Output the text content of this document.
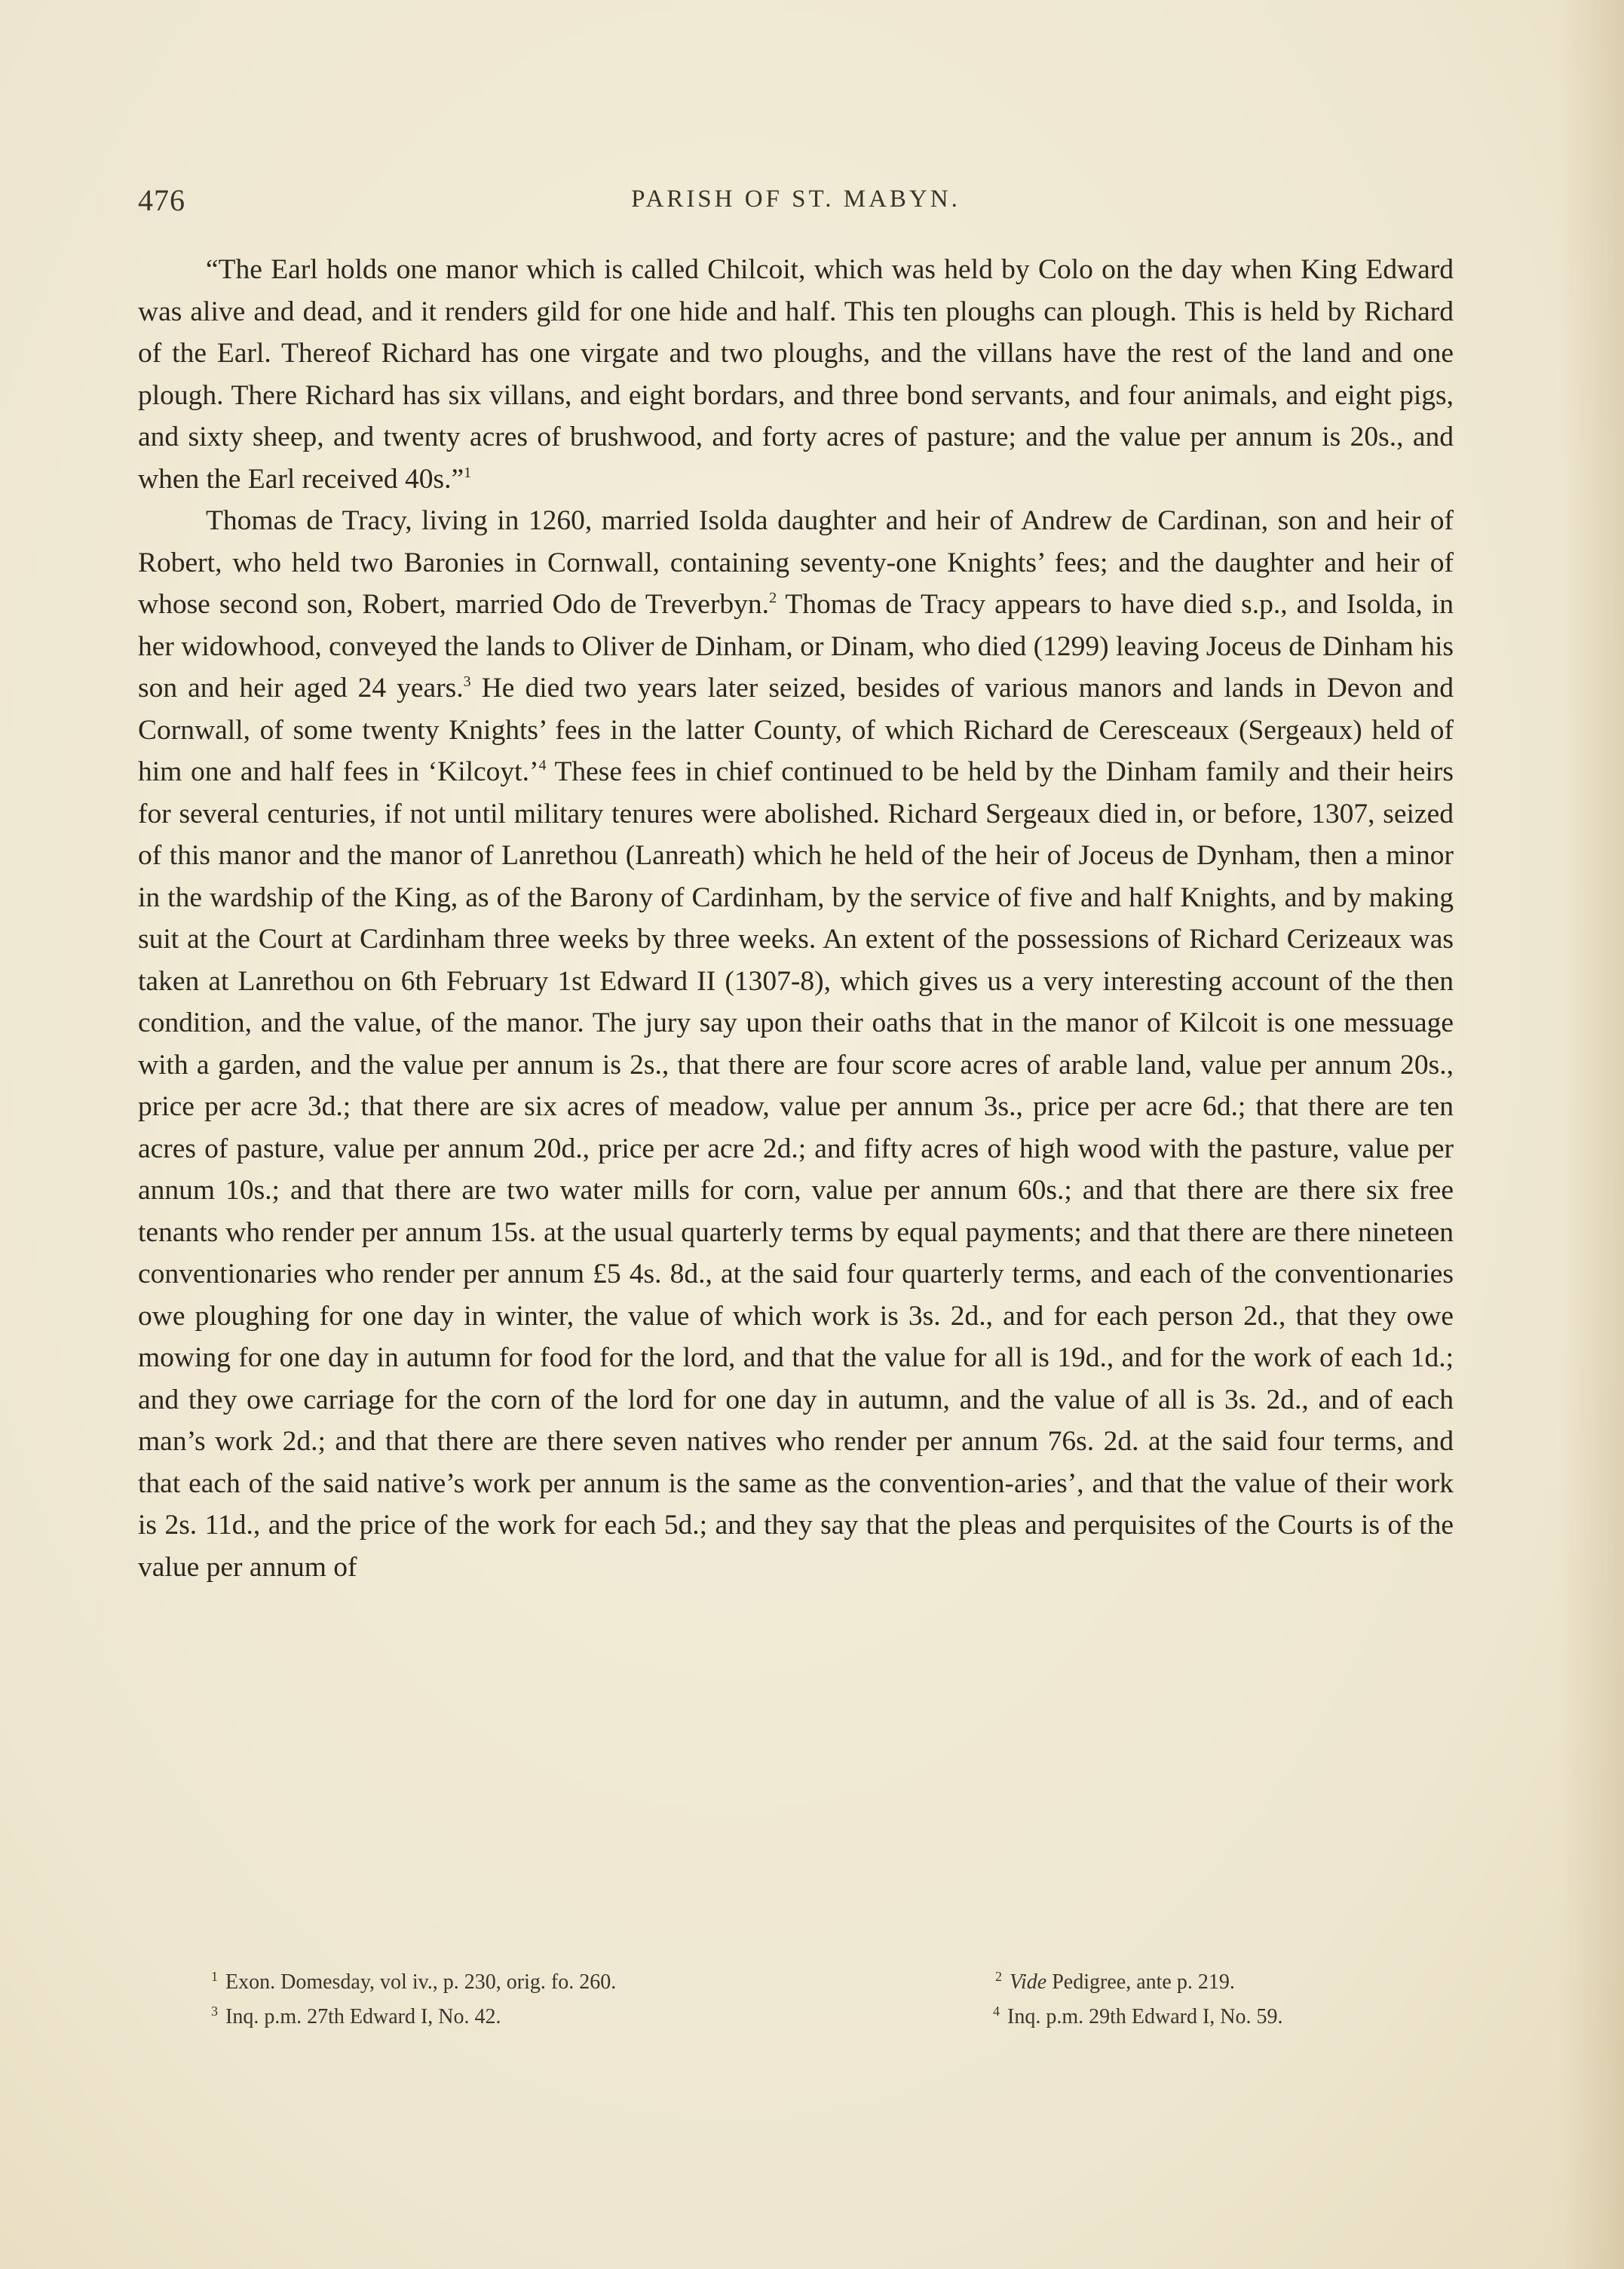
476	PARISH OF ST. MABYN.

“The Earl holds one manor which is called Chilcoit, which was held by Colo on the day when King Edward was alive and dead, and it renders gild for one hide and half. This ten ploughs can plough. This is held by Richard of the Earl. Thereof Richard has one virgate and two ploughs, and the villans have the rest of the land and one plough. There Richard has six villans, and eight bordars, and three bond servants, and four animals, and eight pigs, and sixty sheep, and twenty acres of brushwood, and forty acres of pasture; and the value per annum is 20s., and when the Earl received 40s.”$^1$

Thomas de Tracy, living in 1260, married Isolda daughter and heir of Andrew de Cardinan, son and heir of Robert, who held two Baronies in Cornwall, containing seventy-one Knights’ fees; and the daughter and heir of whose second son, Robert, married Odo de Treverbyn.$^2$ Thomas de Tracy appears to have died s.p., and Isolda, in her widowhood, conveyed the lands to Oliver de Dinham, or Dinam, who died (1299) leaving Joceus de Dinham his son and heir aged 24 years.$^3$ He died two years later seized, besides of various manors and lands in Devon and Cornwall, of some twenty Knights’ fees in the latter County, of which Richard de Ceresceaux (Sergeaux) held of him one and half fees in ‘Kilcoyt.’$^4$ These fees in chief continued to be held by the Dinham family and their heirs for several centuries, if not until military tenures were abolished. Richard Sergeaux died in, or before, 1307, seized of this manor and the manor of Lanrethou (Lanreath) which he held of the heir of Joceus de Dynham, then a minor in the wardship of the King, as of the Barony of Cardinham, by the service of five and half Knights, and by making suit at the Court at Cardinham three weeks by three weeks. An extent of the possessions of Richard Cerizeaux was taken at Lanrethou on 6th February 1st Edward II (1307-8), which gives us a very interesting account of the then condition, and the value, of the manor. The jury say upon their oaths that in the manor of Kilcoit is one messuage with a garden, and the value per annum is 2s., that there are four score acres of arable land, value per annum 20s., price per acre 3d.; that there are six acres of meadow, value per annum 3s., price per acre 6d.; that there are ten acres of pasture, value per annum 20d., price per acre 2d.; and fifty acres of high wood with the pasture, value per annum 10s.; and that there are two water mills for corn, value per annum 60s.; and that there are there six free tenants who render per annum 15s. at the usual quarterly terms by equal payments; and that there are there nineteen conventionaries who render per annum £5 4s. 8d., at the said four quarterly terms, and each of the conventionaries owe ploughing for one day in winter, the value of which work is 3s. 2d., and for each person 2d., that they owe mowing for one day in autumn for food for the lord, and that the value for all is 19d., and for the work of each 1d.; and they owe carriage for the corn of the lord for one day in autumn, and the value of all is 3s. 2d., and of each man’s work 2d.; and that there are there seven natives who render per annum 76s. 2d. at the said four terms, and that each of the said native’s work per annum is the same as the convention-aries’, and that the value of their work is 2s. 11d., and the price of the work for each 5d.; and they say that the pleas and perquisites of the Courts is of the value per annum of

$^1$ Exon. Domesday, vol iv., p. 230, orig. fo. 260.	$^2$ Vide Pedigree, ante p. 219.
$^3$ Inq. p.m. 27th Edward I, No. 42.	$^4$ Inq. p.m. 29th Edward I, No. 59.
